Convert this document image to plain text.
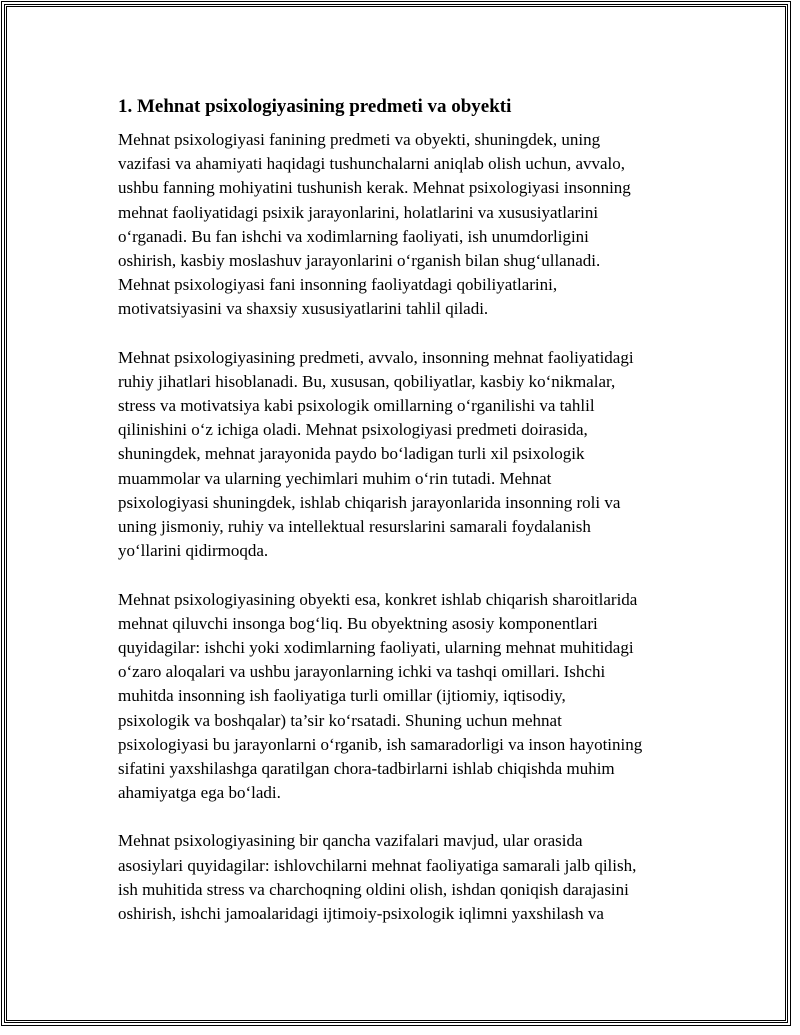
1. Mehnat psixologiyasining predmeti va obyekti
Mehnat psixologiyasi fanining predmeti va obyekti, shuningdek, uning
vazifasi va ahamiyati haqidagi tushunchalarni aniqlab olish uchun, avvalo,
ushbu fanning mohiyatini tushunish kerak. Mehnat psixologiyasi insonning
mehnat faoliyatidagi psixik jarayonlarini, holatlarini va xususiyatlarini
o‘rganadi. Bu fan ishchi va xodimlarning faoliyati, ish unumdorligini
oshirish, kasbiy moslashuv jarayonlarini o‘rganish bilan shug‘ullanadi.
Mehnat psixologiyasi fani insonning faoliyatdagi qobiliyatlarini,
motivatsiyasini va shaxsiy xususiyatlarini tahlil qiladi.
Mehnat psixologiyasining predmeti, avvalo, insonning mehnat faoliyatidagi
ruhiy jihatlari hisoblanadi. Bu, xususan, qobiliyatlar, kasbiy ko‘nikmalar,
stress va motivatsiya kabi psixologik omillarning o‘rganilishi va tahlil
qilinishini o‘z ichiga oladi. Mehnat psixologiyasi predmeti doirasida,
shuningdek, mehnat jarayonida paydo bo‘ladigan turli xil psixologik
muammolar va ularning yechimlari muhim o‘rin tutadi. Mehnat
psixologiyasi shuningdek, ishlab chiqarish jarayonlarida insonning roli va
uning jismoniy, ruhiy va intellektual resurslarini samarali foydalanish
yo‘llarini qidirmoqda.
Mehnat psixologiyasining obyekti esa, konkret ishlab chiqarish sharoitlarida
mehnat qiluvchi insonga bog‘liq. Bu obyektning asosiy komponentlari
quyidagilar: ishchi yoki xodimlarning faoliyati, ularning mehnat muhitidagi
o‘zaro aloqalari va ushbu jarayonlarning ichki va tashqi omillari. Ishchi
muhitda insonning ish faoliyatiga turli omillar (ijtiomiy, iqtisodiy,
psixologik va boshqalar) ta’sir ko‘rsatadi. Shuning uchun mehnat
psixologiyasi bu jarayonlarni o‘rganib, ish samaradorligi va inson hayotining
sifatini yaxshilashga qaratilgan chora-tadbirlarni ishlab chiqishda muhim
ahamiyatga ega bo‘ladi.
Mehnat psixologiyasining bir qancha vazifalari mavjud, ular orasida
asosiylari quyidagilar: ishlovchilarni mehnat faoliyatiga samarali jalb qilish,
ish muhitida stress va charchoqning oldini olish, ishdan qoniqish darajasini
oshirish, ishchi jamoalaridagi ijtimoiy-psixologik iqlimni yaxshilash va
